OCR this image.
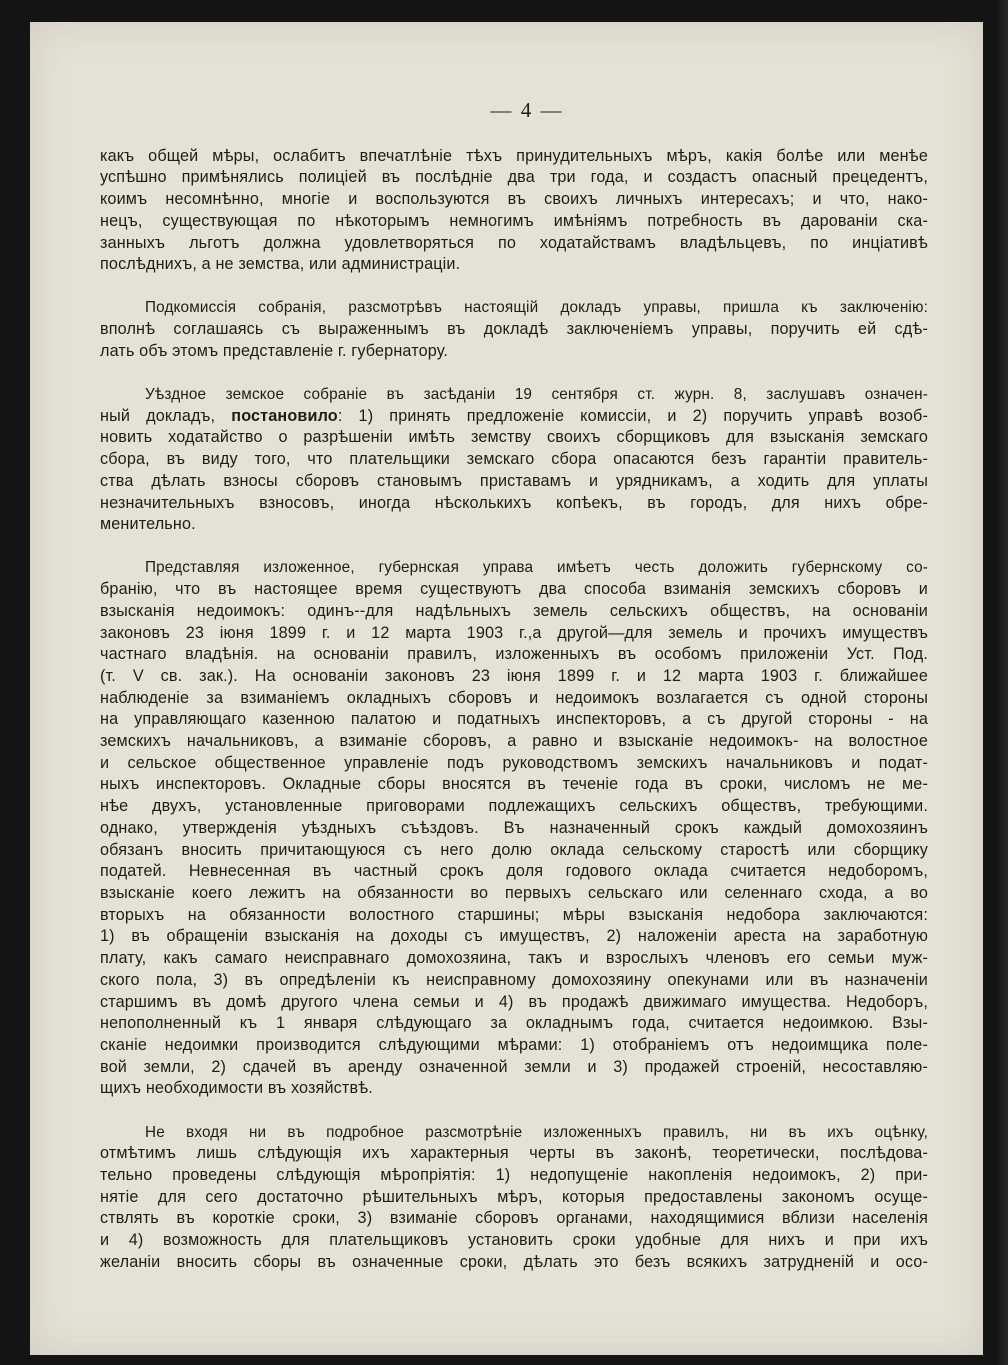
— 4 —
какъ общей мѣры, ослабитъ впечатлѣніе тѣхъ принудительныхъ мѣръ, какія болѣе или менѣе
успѣшно примѣнялись полиціей въ послѣдніе два три года, и создастъ опасный прецедентъ,
коимъ несомнѣнно, многіе и воспользуются въ своихъ личныхъ интересахъ; и что, нако-
нецъ, существующая по нѣкоторымъ немногимъ имѣніямъ потребность въ дарованіи ска-
занныхъ льготъ должна удовлетворяться по ходатайствамъ владѣльцевъ, по инціативѣ
послѣднихъ, а не земства, или администраціи.
Подкомиссія собранія, разсмотрѣвъ настоящій докладъ управы, пришла къ заключенію:
вполнѣ соглашаясь съ выраженнымъ въ докладѣ заключеніемъ управы, поручить ей сдѣ-
лать объ этомъ представленіе г. губернатору.
Уѣздное земское собраніе въ засѣданіи 19 сентября ст. журн. 8, заслушавъ означен-
ный докладъ, постановило: 1) принять предложеніе комиссіи, и 2) поручить управѣ возоб-
новить ходатайство о разрѣшеніи имѣть земству своихъ сборщиковъ для взысканія земскаго
сбора, въ виду того, что плательщики земскаго сбора опасаются безъ гарантіи правитель-
ства дѣлать взносы сборовъ становымъ приставамъ и урядникамъ, а ходить для уплаты
незначительныхъ взносовъ, иногда нѣсколькихъ копѣекъ, въ городъ, для нихъ обре-
менительно.
Представляя изложенное, губернская управа имѣетъ честь доложить губернскому со-
бранію, что въ настоящее время существуютъ два способа взиманія земскихъ сборовъ и
взысканія недоимокъ: одинъ--для надѣльныхъ земель сельскихъ обществъ, на основаніи
законовъ 23 іюня 1899 г. и 12 марта 1903 г.,а другой—для земель и прочихъ имуществъ
частнаго владѣнія. на основаніи правилъ, изложенныхъ въ особомъ приложеніи Уст. Под.
(т. V св. зак.). На основаніи законовъ 23 іюня 1899 г. и 12 марта 1903 г. ближайшее
наблюденіе за взиманіемъ окладныхъ сборовъ и недоимокъ возлагается съ одной стороны
на управляющаго казенною палатою и податныхъ инспекторовъ, а съ другой стороны - на
земскихъ начальниковъ, а взиманіе сборовъ, а равно и взысканіе недоимокъ- на волостное
и сельское общественное управленіе подъ руководствомъ земскихъ начальниковъ и подат-
ныхъ инспекторовъ. Окладные сборы вносятся въ теченіе года въ сроки, числомъ не ме-
нѣе двухъ, установленные приговорами подлежащихъ сельскихъ обществъ, требующими.
однако, утвержденія уѣздныхъ съѣздовъ. Въ назначенный срокъ каждый домохозяинъ
обязанъ вносить причитающуюся съ него долю оклада сельскому старостѣ или сборщику
податей. Невнесенная въ частный срокъ доля годового оклада считается недоборомъ,
взысканіе коего лежитъ на обязанности во первыхъ сельскаго или селеннаго схода, а во
вторыхъ на обязанности волостного старшины; мѣры взысканія недобора заключаются:
1) въ обращеніи взысканія на доходы съ имуществъ, 2) наложеніи ареста на заработную
плату, какъ самаго неисправнаго домохозяина, такъ и взрослыхъ членовъ его семьи муж-
ского пола, 3) въ опредѣленіи къ неисправному домохозяину опекунами или въ назначеніи
старшимъ въ домѣ другого члена семьи и 4) въ продажѣ движимаго имущества. Недоборъ,
непополненный къ 1 января слѣдующаго за окладнымъ года, считается недоимкою. Взы-
сканіе недоимки производится слѣдующими мѣрами: 1) отобраніемъ отъ недоимщика поле-
вой земли, 2) сдачей въ аренду означенной земли и 3) продажей строеній, несоставляю-
щихъ необходимости въ хозяйствѣ.
Не входя ни въ подробное разсмотрѣніе изложенныхъ правилъ, ни въ ихъ оцѣнку,
отмѣтимъ лишь слѣдующія ихъ характерныя черты въ законѣ, теоретически, послѣдова-
тельно проведены слѣдующія мѣропріятія: 1) недопущеніе накопленія недоимокъ, 2) при-
нятіе для сего достаточно рѣшительныхъ мѣръ, которыя предоставлены закономъ осуще-
ствлять въ короткіе сроки, 3) взиманіе сборовъ органами, находящимися вблизи населенія
и 4) возможность для плательщиковъ установить сроки удобные для нихъ и при ихъ
желаніи вносить сборы въ означенные сроки, дѣлать это безъ всякихъ затрудненій и осо-
